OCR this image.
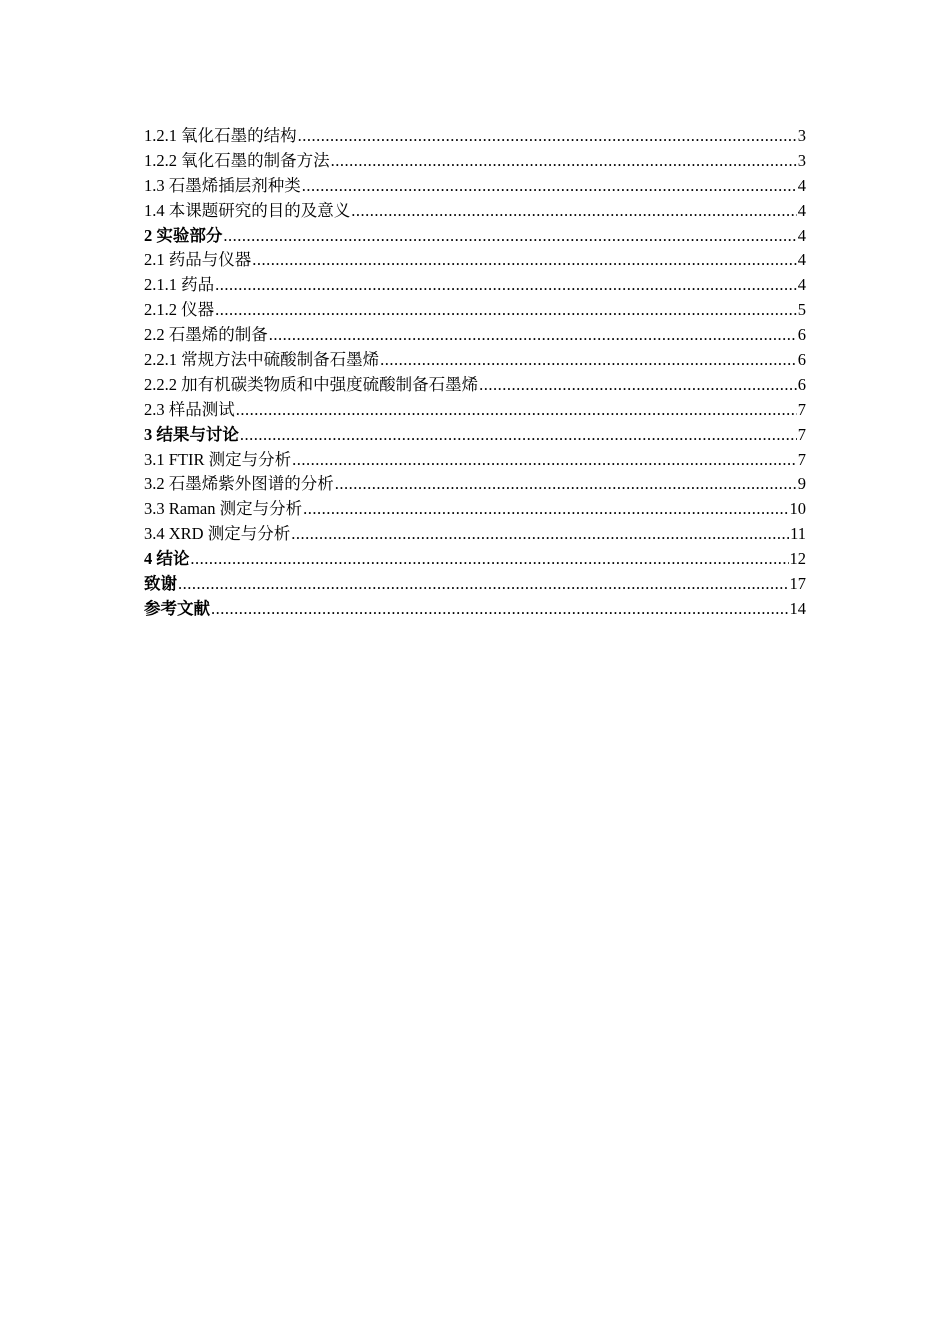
1.2.1 氧化石墨的结构 .....	3
1.2.2 氧化石墨的制备方法 .....	3
1.3 石墨烯插层剂种类 .....	4
1.4 本课题研究的目的及意义 .....	4
2 实验部分 .....	4
2.1 药品与仪器 .....	4
2.1.1 药品 .....	4
2.1.2 仪器 .....	5
2.2 石墨烯的制备 .....	6
2.2.1 常规方法中硫酸制备石墨烯 .....	6
2.2.2 加有机碳类物质和中强度硫酸制备石墨烯 .....	6
2.3 样品测试 .....	7
3 结果与讨论 .....	7
3.1 FTIR 测定与分析 .....	7
3.2 石墨烯紫外图谱的分析 .....	9
3.3 Raman 测定与分析 .....	10
3.4 XRD 测定与分析 .....	11
4 结论 .....	12
致谢 .....	17
参考文献 .....	14
